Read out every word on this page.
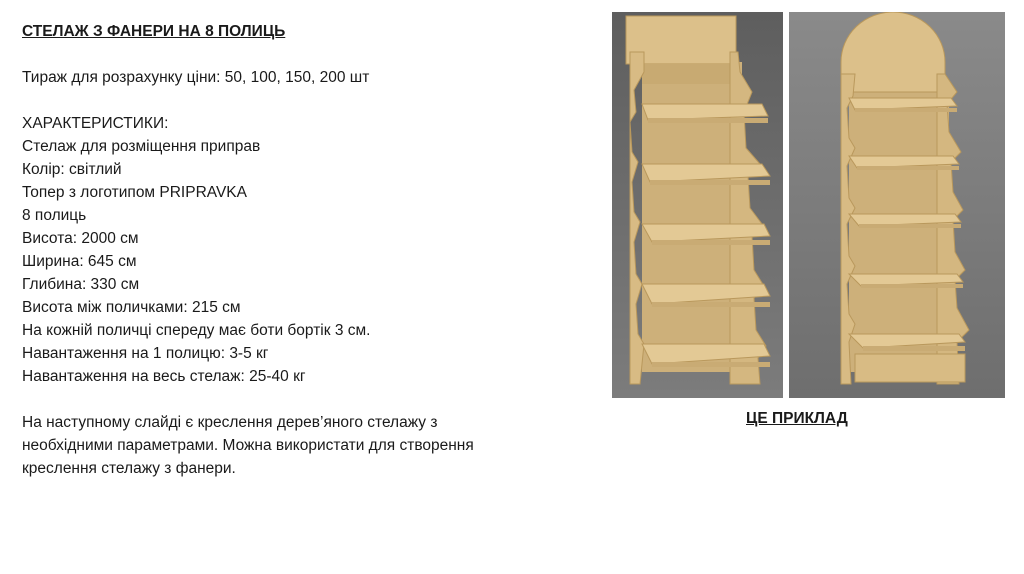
СТЕЛАЖ З ФАНЕРИ НА 8 ПОЛИЦЬ
Тираж для розрахунку ціни: 50, 100, 150, 200 шт
ХАРАКТЕРИСТИКИ:
Стелаж для розміщення приправ
Колір: світлий
Топер з логотипом PRIPRAVKA
8 полиць
Висота: 2000 см
Ширина: 645 см
Глибина: 330 см
Висота між поличками: 215 см
На кожній поличці спереду має боти бортік 3 см.
Навантаження на 1 полицю: 3-5 кг
Навантаження на весь стелаж: 25-40 кг
На наступному слайді є креслення дерев’яного стелажу з необхідними параметрами. Можна використати для створення креслення стелажу з фанери.
ЦЕ ПРИКЛАД
